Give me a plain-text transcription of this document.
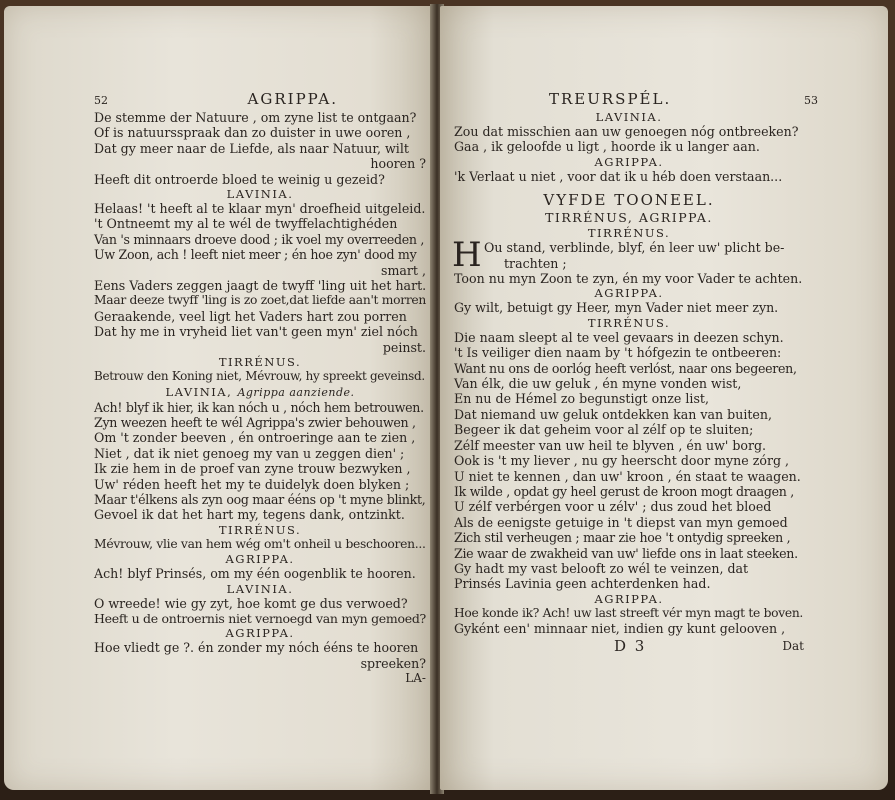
52	AGRIPPA.
De stemme der Natuure , om zyne list te ontgaan?
Of is natuursspraak dan zo duister in uwe ooren ,
Dat gy meer naar de Liefde, als naar Natuur, wilt
hooren ?
Heeft dit ontroerde bloed te weinig u gezeid?
LAVINIA.
Helaas! 't heeft al te klaar myn' droefheid uitgeleid.
't Ontneemt my al te wél de twyffelachtighéden
Van 's minnaars droeve dood ; ik voel my overreeden ,
Uw Zoon, ach ! leeft niet meer ; én hoe zyn' dood my
smart ,
Eens Vaders zeggen jaagt de twyff 'ling uit het hart.
Maar deeze twyff 'ling is zo zoet,dat liefde aan't morren
Geraakende, veel ligt het Vaders hart zou porren
Dat hy me in vryheid liet van't geen myn' ziel nóch
peinst.
TIRRÉNUS.
Betrouw den Koning niet, Mévrouw, hy spreekt geveinsd.
LAVINIA, Agrippa aanziende.
Ach! blyf ik hier, ik kan nóch u , nóch hem betrouwen.
Zyn weezen heeft te wél Agrippa's zwier behouwen ,
Om 't zonder beeven , én ontroeringe aan te zien ,
Niet , dat ik niet genoeg my van u zeggen dien' ;
Ik zie hem in de proef van zyne trouw bezwyken ,
Uw' réden heeft het my te duidelyk doen blyken ;
Maar t'élkens als zyn oog maar ééns op 't myne blinkt,
Gevoel ik dat het hart my, tegens dank, ontzinkt.
TIRRÉNUS.
Mévrouw, vlie van hem wég om't onheil u beschooren...
AGRIPPA.
Ach! blyf Prinsés, om my één oogenblik te hooren.
LAVINIA.
O wreede! wie gy zyt, hoe komt ge dus verwoed?
Heeft u de ontroernis niet vernoegd van myn gemoed?
AGRIPPA.
Hoe vliedt ge ?. én zonder my nóch ééns te hooren
spreeken?
LA-
TREURSPÉL.	53
LAVINIA.
Zou dat misschien aan uw genoegen nóg ontbreeken?
Gaa , ik geloofde u ligt , hoorde ik u langer aan.
AGRIPPA.
'k Verlaat u niet , voor dat ik u héb doen verstaan...
VYFDE TOONEEL.
TIRRÉNUS, AGRIPPA.
TIRRÉNUS.
H Ou stand, verblinde, blyf, én leer uw' plicht be-
trachten ;
Toon nu myn Zoon te zyn, én my voor Vader te achten.
AGRIPPA.
Gy wilt, betuigt gy Heer, myn Vader niet meer zyn.
TIRRÉNUS.
Die naam sleept al te veel gevaars in deezen schyn.
't Is veiliger dien naam by 't hófgezin te ontbeeren:
Want nu ons de oorlóg heeft verlóst, naar ons begeeren,
Van élk, die uw geluk , én myne vonden wist,
En nu de Hémel zo begunstigt onze list,
Dat niemand uw geluk ontdekken kan van buiten,
Begeer ik dat geheim voor al zélf op te sluiten;
Zélf meester van uw heil te blyven , én uw' borg.
Ook is 't my liever , nu gy heerscht door myne zórg ,
U niet te kennen , dan uw' kroon , én staat te waagen.
Ik wilde , opdat gy heel gerust de kroon mogt draagen ,
U zélf verbérgen voor u zélv' ; dus zoud het bloed
Als de eenigste getuige in 't diepst van myn gemoed
Zich stil verheugen ; maar zie hoe 't ontydig spreeken ,
Zie waar de zwakheid van uw' liefde ons in laat steeken.
Gy hadt my vast belooft zo wél te veinzen, dat
Prinsés Lavinia geen achterdenken had.
AGRIPPA.
Hoe konde ik? Ach! uw last streeft vér myn magt te boven.
Gyként een' minnaar niet, indien gy kunt gelooven ,
D 3	Dat
